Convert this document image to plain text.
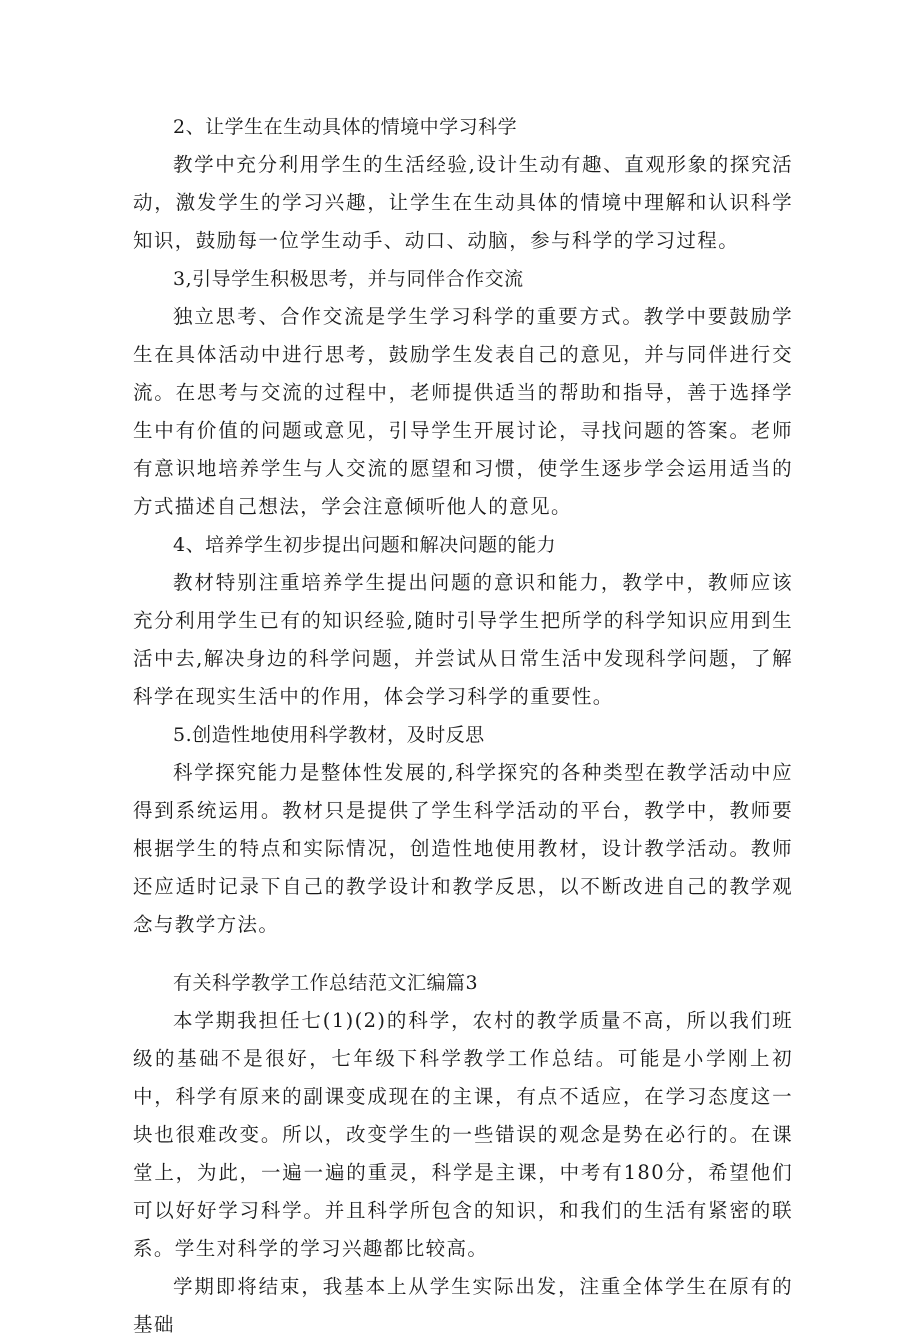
2、让学生在生动具体的情境中学习科学

教学中充分利用学生的生活经验,设计生动有趣、直观形象的探究活动，激发学生的学习兴趣，让学生在生动具体的情境中理解和认识科学知识，鼓励每一位学生动手、动口、动脑，参与科学的学习过程。

3,引导学生积极思考，并与同伴合作交流

独立思考、合作交流是学生学习科学的重要方式。教学中要鼓励学生在具体活动中进行思考，鼓励学生发表自己的意见，并与同伴进行交流。在思考与交流的过程中，老师提供适当的帮助和指导，善于选择学生中有价值的问题或意见，引导学生开展讨论，寻找问题的答案。老师有意识地培养学生与人交流的愿望和习惯，使学生逐步学会运用适当的方式描述自己想法，学会注意倾听他人的意见。

4、培养学生初步提出问题和解决问题的能力

教材特别注重培养学生提出问题的意识和能力，教学中，教师应该充分利用学生已有的知识经验,随时引导学生把所学的科学知识应用到生活中去,解决身边的科学问题，并尝试从日常生活中发现科学问题，了解科学在现实生活中的作用，体会学习科学的重要性。

5.创造性地使用科学教材，及时反思

科学探究能力是整体性发展的,科学探究的各种类型在教学活动中应得到系统运用。教材只是提供了学生科学活动的平台，教学中，教师要根据学生的特点和实际情况，创造性地使用教材，设计教学活动。教师还应适时记录下自己的教学设计和教学反思，以不断改进自己的教学观念与教学方法。

有关科学教学工作总结范文汇编篇3

本学期我担任七(1)(2)的科学，农村的教学质量不高，所以我们班级的基础不是很好，七年级下科学教学工作总结。可能是小学刚上初中，科学有原来的副课变成现在的主课，有点不适应，在学习态度这一块也很难改变。所以，改变学生的一些错误的观念是势在必行的。在课堂上，为此，一遍一遍的重灵，科学是主课，中考有180分，希望他们可以好好学习科学。并且科学所包含的知识，和我们的生活有紧密的联系。学生对科学的学习兴趣都比较高。

学期即将结束，我基本上从学生实际出发，注重全体学生在原有的基础
